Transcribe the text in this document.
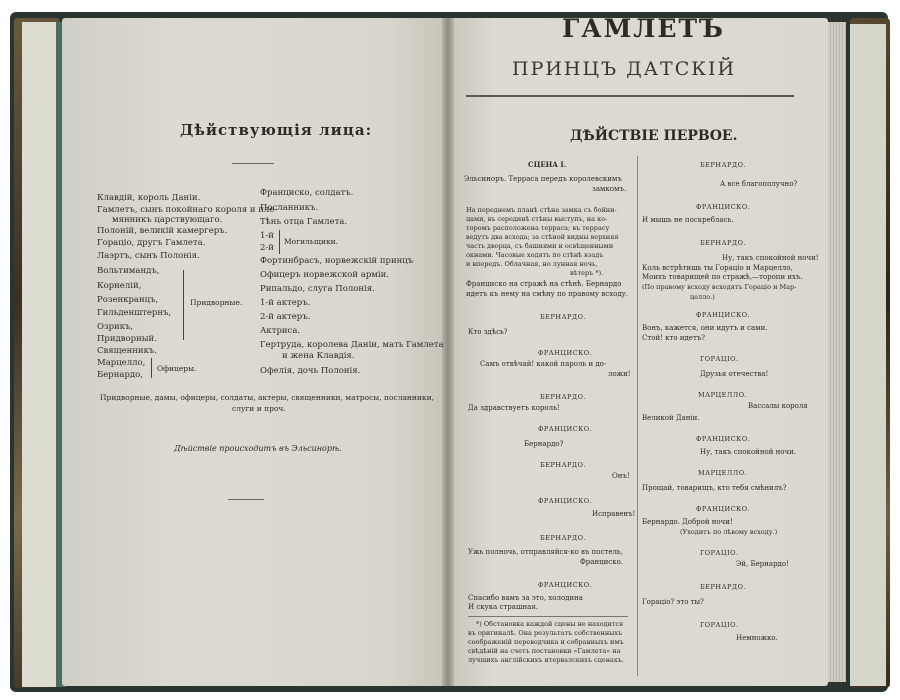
Дѣйствующія лица:
Клавдій, король Даніи.
Гамлетъ, сынъ покойнаго короля и пле-
мянникъ царствующаго.
Полоній, великій камергеръ.
Гораціо, другъ Гамлета.
Лаэртъ, сынъ Полонія.
Вольтимандъ,
Корнелій,
Розенкранцъ,
Гильденштернъ,
Озрикъ,
Придворный.
Священникъ.
Марцелло,
Бернардо,
Придворные.
Офицеры.
Франциско, солдатъ.
Посланникъ.
Тѣнь отца Гамлета.
1-й
2-й
Фортинбрасъ, норвежскій принцъ
Офицеръ норвежской арміи.
Рипальдо, слуга Полонія.
1-й актеръ.
2-й актеръ.
Актриса.
Гертруда, королева Даніи, мать Гамлета
и жена Клавдія.
Офелія, дочь Полонія.
Могильщики.
Придворные, дамы, офицеры, солдаты, актеры, священники, матросы, посланники,
слуги и проч.
Дѣйствіе происходитъ въ Эльсинорѣ.
ГАМЛЕТЪ
ПРИНЦЪ ДАТСКІЙ
ДѢЙСТВІЕ ПЕРВОЕ.
СЦЕНА I.
Эльсиноръ. Терраса передъ королевскимъ
замкомъ.
На переднемъ планѣ стѣна замка съ бойни-
цами, въ серединѣ стѣны выступъ, на ко-
торомъ расположена терраса; въ террасу
ведутъ два всхода; за стѣной видны верхняя
часть дворца, съ башнями и освѣщенными
окнами. Часовые ходятъ по стѣнѣ взадъ
и впередъ. Облачная, но лунная ночь,
вѣтеръ *).
Франциско на стражѣ на стѣнѣ. Бернардо
идетъ къ нему на смѣну по правому всходу.
БЕРНАРДО.
Кто здѣсь?
ФРАНЦИСКО.
Самъ отвѣчай! какой пароль и до-
ложи!
БЕРНАРДО.
Да здравствуетъ король!
ФРАНЦИСКО.
Бернардо?
БЕРНАРДО.
Онъ!
ФРАНЦИСКО.
Исправенъ!
БЕРНАРДО.
Ужь полночь, отправляйся-ко въ постель,
Франциско.
ФРАНЦИСКО.
Спасибо вамъ за это, холодина
И скука страшная.
*) Обстановка каждой сцены не находится
въ оригиналѣ. Она результатъ собственныхъ
соображеній переводчика и собранныхъ имъ
свѣдѣній на счетъ постановки «Гамлета» на
лучшихъ англійскихъ итервалскихъ сценахъ.
БЕРНАРДО.
А все благополучно?
ФРАНЦИСКО.
И мышь не поскреблась.
БЕРНАРДО.
Ну, такъ спокойной ночи!
Коль встрѣтишь ты Гораціо и Марцелло,
Моихъ товарищей по стражѣ,—торопи ихъ.
(По правому всходу всходятъ Гораціо и Мар-
целло.)
ФРАНЦИСКО.
Вонъ, кажется, они идутъ и сами.
Стой! кто идетъ?
ГОРАЦІО.
Друзья отечества!
МАРЦЕЛЛО.
Вассалы короля
Великой Даніи.
ФРАНЦИСКО.
Ну, такъ спокойной ночи.
МАРЦЕЛЛО.
Прощай, товарищъ, кто тебя смѣнилъ?
ФРАНЦИСКО.
Бернардо. Доброй ночи!
(Уходитъ по лѣвому всходу.)
ГОРАЦІО.
Эй, Бернардо!
БЕРНАРДО.
Гораціо? это ты?
ГОРАЦІО.
Немножко.
